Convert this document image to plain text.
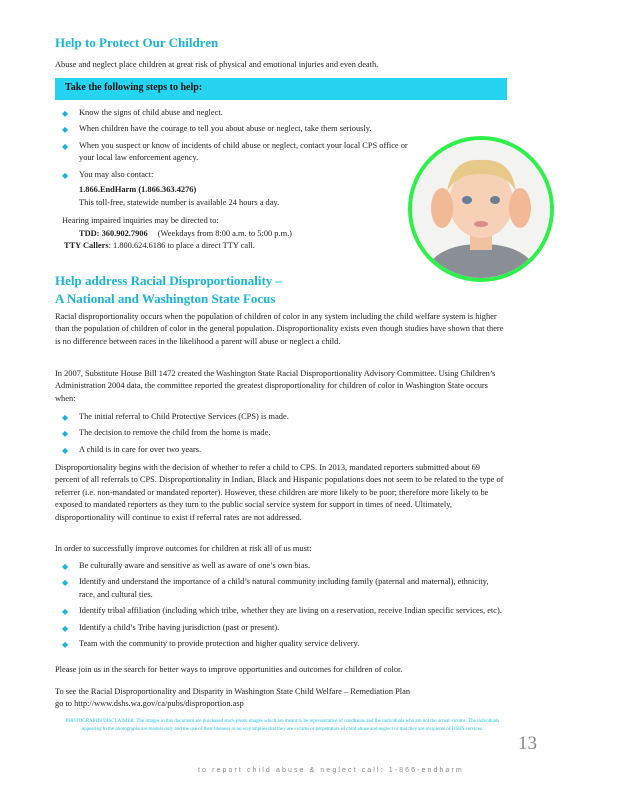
Help to Protect Our Children

Abuse and neglect place children at great risk of physical and emotional injuries and even death.

Take the following steps to help:
◆ Know the signs of child abuse and neglect.
◆ When children have the courage to tell you about abuse or neglect, take them seriously.
◆ When you suspect or know of incidents of child abuse or neglect, contact your local CPS office or your local law enforcement agency.
◆ You may also contact:
1.866.EndHarm (1.866.363.4276)
This toll-free, statewide number is available 24 hours a day.
Hearing impaired inquiries may be directed to:
TDD: 360.902.7906 (Weekdays from 8:00 a.m. to 5:00 p.m.)
TTY Callers: 1.800.624.6186 to place a direct TTY call.
Help address Racial Disproportionality –
A National and Washington State Focus

Racial disproportionality occurs when the population of children of color in any system including the child welfare system is higher than the population of children of color in the general population. Disproportionality exists even though studies have shown that there is no difference between races in the likelihood a parent will abuse or neglect a child.

In 2007, Substitute House Bill 1472 created the Washington State Racial Disproportionality Advisory Committee. Using Children’s Administration 2004 data, the committee reported the greatest disproportionality for children of color in Washington State occurs when:

◆ The initial referral to Child Protective Services (CPS) is made.
◆ The decision to remove the child from the home is made.
◆ A child is in care for over two years.

Disproportionality begins with the decision of whether to refer a child to CPS. In 2013, mandated reporters submitted about 69 percent of all referrals to CPS. Disproportionality in Indian, Black and Hispanic populations does not seem to be related to the type of referrer (i.e. non-mandated or mandated reporter). However, these children are more likely to be poor; therefore more likely to be exposed to mandated reporters as they turn to the public social service system for support in times of need. Ultimately, disproportionality will continue to exist if referral rates are not addressed.

In order to successfully improve outcomes for children at risk all of us must:

◆ Be culturally aware and sensitive as well as aware of one’s own bias.
◆ Identify and understand the importance of a child’s natural community including family (paternal and maternal), ethnicity, race, and cultural ties.
◆ Identify tribal affiliation (including which tribe, whether they are living on a reservation, receive Indian specific services, etc).
◆ Identify a child’s Tribe having jurisdiction (past or present).
◆ Team with the community to provide protection and higher quality service delivery.

Please join us in the search for better ways to improve opportunities and outcomes for children of color.

To see the Racial Disproportionality and Disparity in Washington State Child Welfare – Remediation Plan

go to http://www.dshs.wa.gov/ca/pubs/disproportion.asp
PHOTOGRAPHS DISCLAIMER: The images in this document are purchased stock photo images which are meant to be representative of conditions and the individuals who are not the actual victims. The individuals appearing in the photographs are models only and the use of their likeness in no way implies that they are victims or perpetrators of child abuse and neglect or that they are recipients of DSHS services.
13
to report child abuse & neglect call: 1-866-endharm
